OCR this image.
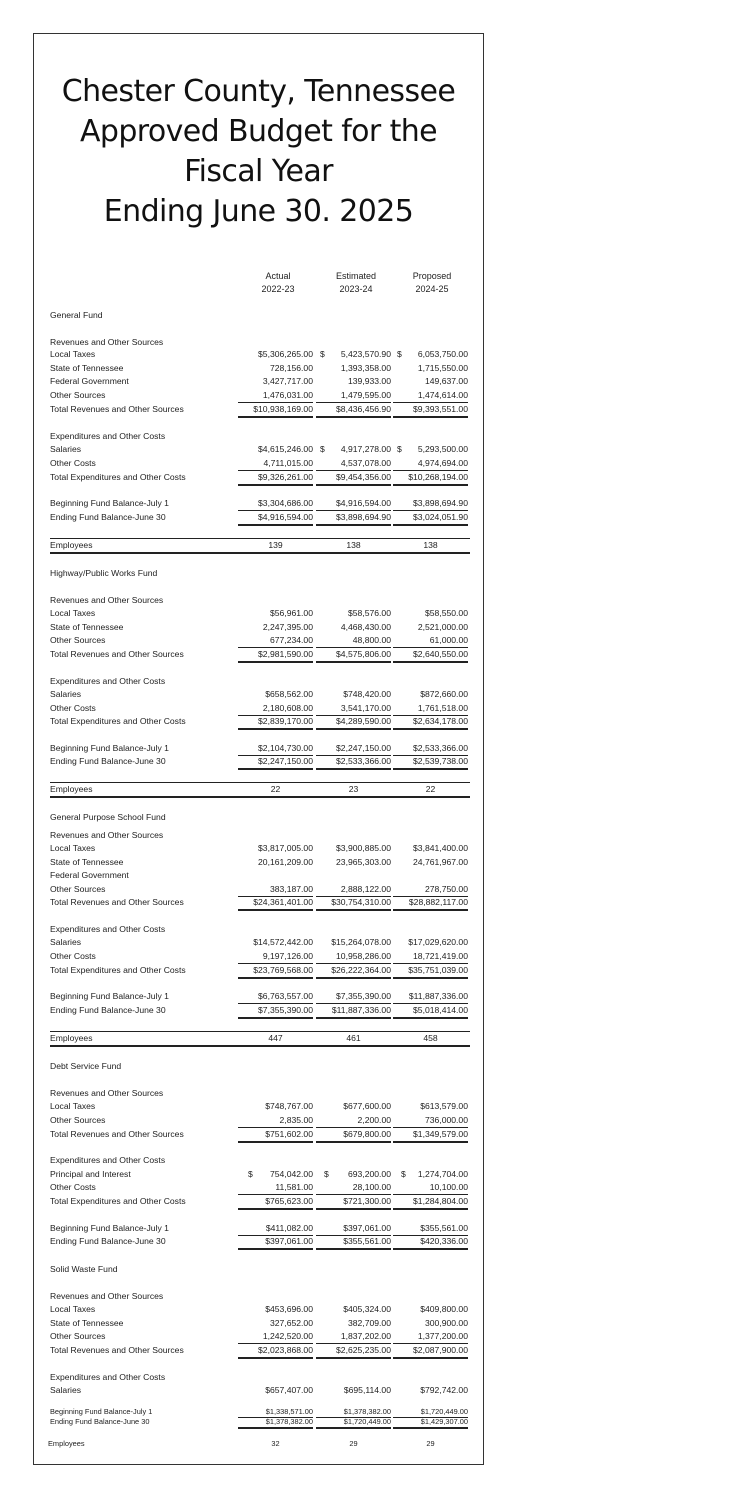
Chester County, Tennessee
Approved Budget for the
Fiscal Year
Ending June 30. 2025
Actual
2022-23
Estimated
2023-24
Proposed
2024-25
General Fund
Revenues and Other Sources
Local Taxes	$5,306,265.00 $	5,423,570.90 $	6,053,750.00
State of Tennessee	728,156.00	1,393,358.00	1,715,550.00
Federal Government	3,427,717.00	139,933.00	149,637.00
Other Sources	1,476,031.00	1,479,595.00	1,474,614.00
Total Revenues and Other Sources	$10,938,169.00	$8,436,456.90	$9,393,551.00
Expenditures and Other Costs
Salaries	$4,615,246.00 $	4,917,278.00 $	5,293,500.00
Other Costs	4,711,015.00	4,537,078.00	4,974,694.00
Total Expenditures and Other Costs	$9,326,261.00	$9,454,356.00	$10,268,194.00
Beginning Fund Balance-July 1	$3,304,686.00	$4,916,594.00	$3,898,694.90
Ending Fund Balance-June 30	$4,916,594.00	$3,898,694.90	$3,024,051.90
Employees	139	138	138
Highway/Public Works Fund
Revenues and Other Sources
Local Taxes	$56,961.00	$58,576.00	$58,550.00
State of Tennessee	2,247,395.00	4,468,430.00	2,521,000.00
Other Sources	677,234.00	48,800.00	61,000.00
Total Revenues and Other Sources	$2,981,590.00	$4,575,806.00	$2,640,550.00
Expenditures and Other Costs
Salaries	$658,562.00	$748,420.00	$872,660.00
Other Costs	2,180,608.00	3,541,170.00	1,761,518.00
Total Expenditures and Other Costs	$2,839,170.00	$4,289,590.00	$2,634,178.00
Beginning Fund Balance-July 1	$2,104,730.00	$2,247,150.00	$2,533,366.00
Ending Fund Balance-June 30	$2,247,150.00	$2,533,366.00	$2,539,738.00
Employees	22	23	22
General Purpose School Fund
Revenues and Other Sources
Local Taxes	$3,817,005.00	$3,900,885.00	$3,841,400.00
State of Tennessee	20,161,209.00	23,965,303.00	24,761,967.00
Federal Government
Other Sources	383,187.00	2,888,122.00	278,750.00
Total Revenues and Other Sources	$24,361,401.00	$30,754,310.00	$28,882,117.00
Expenditures and Other Costs
Salaries	$14,572,442.00	$15,264,078.00	$17,029,620.00
Other Costs	9,197,126.00	10,958,286.00	18,721,419.00
Total Expenditures and Other Costs	$23,769,568.00	$26,222,364.00	$35,751,039.00
Beginning Fund Balance-July 1	$6,763,557.00	$7,355,390.00	$11,887,336.00
Ending Fund Balance-June 30	$7,355,390.00	$11,887,336.00	$5,018,414.00
Employees	447	461	458
Debt Service Fund
Revenues and Other Sources
Local Taxes	$748,767.00	$677,600.00	$613,579.00
Other Sources	2,835.00	2,200.00	736,000.00
Total Revenues and Other Sources	$751,602.00	$679,800.00	$1,349,579.00
Expenditures and Other Costs
Principal and Interest	$	754,042.00 $	693,200.00 $	1,274,704.00
Other Costs	11,581.00	28,100.00	10,100.00
Total Expenditures and Other Costs	$765,623.00	$721,300.00	$1,284,804.00
Beginning Fund Balance-July 1	$411,082.00	$397,061.00	$355,561.00
Ending Fund Balance-June 30	$397,061.00	$355,561.00	$420,336.00
Solid Waste Fund
Revenues and Other Sources
Local Taxes	$453,696.00	$405,324.00	$409,800.00
State of Tennessee	327,652.00	382,709.00	300,900.00
Other Sources	1,242,520.00	1,837,202.00	1,377,200.00
Total Revenues and Other Sources	$2,023,868.00	$2,625,235.00	$2,087,900.00
Expenditures and Other Costs
Salaries	$657,407.00	$695,114.00	$792,742.00
Beginning Fund Balance-July 1	$1,338,571.00	$1,378,382.00	$1,720,449.00
Ending Fund Balance-June 30	$1,378,382.00	$1,720,449.00	$1,429,307.00
Employees	32	29	29
